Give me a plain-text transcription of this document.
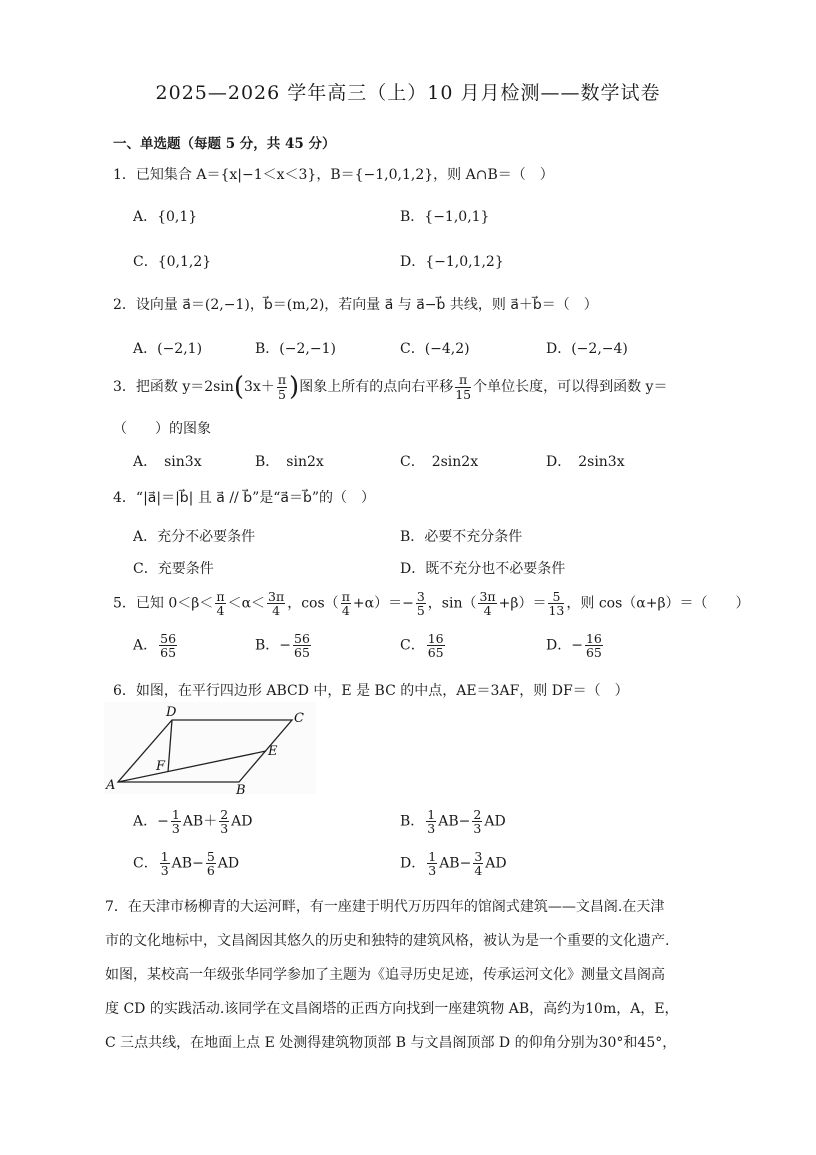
2025—2026 学年高三（上）10 月月检测——数学试卷
一、单选题（每题 5 分，共 45 分）
1．已知集合 A＝{x|−1＜x＜3}，B＝{−1,0,1,2}，则 A∩B＝（　）
A．{0,1}	B．{−1,0,1}
C．{0,1,2}	D．{−1,0,1,2}
2．设向量 a⃗＝(2,−1)，b⃗＝(m,2)，若向量 a⃗ 与 a⃗−b⃗ 共线，则 a⃗＋b⃗＝（　）
A．(−2,1)	B．(−2,−1)	C．(−4,2)	D．(−2,−4)
3．把函数 $y=2\sin(3x+ \frac{\pi}{5}$ )图象上所有的点向右平移 $\frac{\pi}{15}$ 个单位长度，可以得到函数 y＝
（　　）的图象
A．　sin3x	B．　sin2x	C．　2sin2x	D．　2sin3x
4．“|a⃗|＝|b⃗| 且 a⃗ // b⃗”是“a⃗＝b⃗”的（　）
A．充分不必要条件	B．必要不充分条件
C．充要条件	D．既不充分也不必要条件
5．已知 $0<\beta< \frac{\pi}{4} <\alpha< \frac{3\pi}{4}$ ，$\cos( \frac{\pi}{4} +\alpha)=- \frac{3}{5}$ ，$\sin( \frac{3\pi}{4} +\beta)= \frac{5}{13}$ ，则 cos（α+β）＝（　　）
A． $\frac{56}{65}$	B．− $\frac{56}{65}$	C． $\frac{16}{65}$	D．− $\frac{16}{65}$
6．如图，在平行四边形 ABCD 中，E 是 BC 的中点，AE＝3AF，则 DF＝（　）
A	B
C
D
E
F
A．− $\frac{1}{3} AB+ \frac{2}{3}$ AD	B． $\frac{1}{3} AB- \frac{2}{3}$ AD
C． $\frac{1}{3} AB- \frac{5}{6}$ AD	D． $\frac{1}{3} AB- \frac{3}{4}$ AD
7．在天津市杨柳青的大运河畔，有一座建于明代万历四年的馆阁式建筑——文昌阁.在天津
市的文化地标中，文昌阁因其悠久的历史和独特的建筑风格，被认为是一个重要的文化遗产.
如图，某校高一年级张华同学参加了主题为《追寻历史足迹，传承运河文化》测量文昌阁高
度 CD 的实践活动.该同学在文昌阁塔的正西方向找到一座建筑物 AB，高约为10m，A，E，
C 三点共线，在地面上点 E 处测得建筑物顶部 B 与文昌阁顶部 D 的仰角分别为30°和45°，
